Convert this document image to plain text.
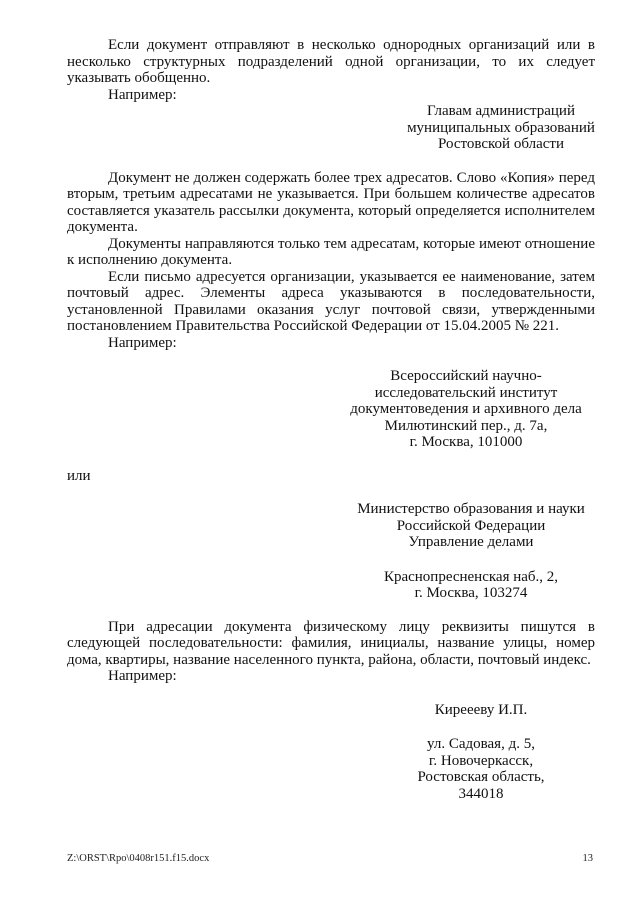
Если документ отправляют в несколько однородных организаций или в несколько структурных подразделений одной организации, то их следует указывать обобщенно.

Например:

Главам администраций
муниципальных образований
Ростовской области

Документ не должен содержать более трех адресатов. Слово «Копия» перед вторым, третьим адресатами не указывается. При большем количестве адресатов составляется указатель рассылки документа, который определяется исполнителем документа.

Документы направляются только тем адресатам, которые имеют отношение к исполнению документа.

Если письмо адресуется организации, указывается ее наименование, затем почтовый адрес. Элементы адреса указываются в последовательности, установленной Правилами оказания услуг почтовой связи, утвержденными постановлением Правительства Российской Федерации от 15.04.2005 № 221.

Например:

Всероссийский научно-
исследовательский институт
документоведения и архивного дела
Милютинский пер., д. 7а,
г. Москва, 101000

или

Министерство образования и науки
Российской Федерации
Управление делами
Краснопресненская наб., 2,
г. Москва, 103274

При адресации документа физическому лицу реквизиты пишутся в следующей последовательности: фамилия, инициалы, название улицы, номер дома, квартиры, название населенного пункта, района, области, почтовый индекс.

Например:

Киреееву И.П.
ул. Садовая, д. 5,
г. Новочеркасск,
Ростовская область,
344018
Z:\ORST\Rpo\0408r151.f15.docx	13
